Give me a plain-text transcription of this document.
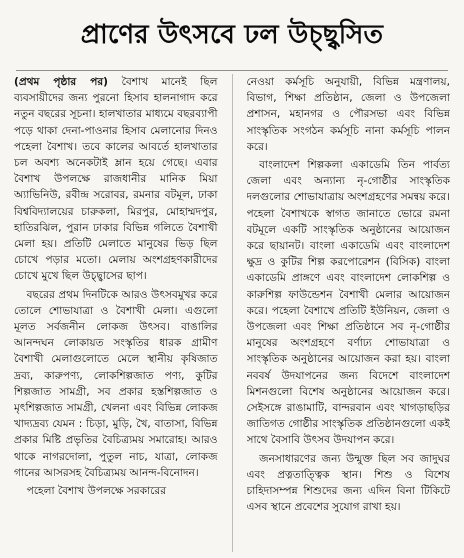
প্রাণের উৎসবে ঢল উচ্ছ্বসিত

(প্রথম পৃষ্ঠার পর) বৈশাখ মানেই ছিল ব্যবসায়ীদের জন্য পুরনো হিসাব হালনাগাদ করে নতুন বছরের সূচনা। হালখাতার মাধ্যমে বছরব্যাপী পড়ে থাকা দেনা-পাওনার হিসাব মেলানোর দিনও পহেলা বৈশাখ। তবে কালের আবর্তে হালখাতার চল অবশ্য অনেকটাই ম্লান হয়ে গেছে। এবার বৈশাখ উপলক্ষে রাজধানীর মানিক মিয়া অ্যাভিনিউ, রবীন্দ্র সরোবর, রমনার বটমূল, ঢাকা বিশ্ববিদ্যালয়ের চারুকলা, মিরপুর, মোহাম্মদপুর, হাতিরঝিল, পুরান ঢাকার বিভিন্ন গলিতে বৈশাখী মেলা হয়। প্রতিটি মেলাতে মানুষের ভিড় ছিল চোখে পড়ার মতো। মেলায় অংশগ্রহণকারীদের চোখে মুখে ছিল উচ্ছ্বাসের ছাপ।

বছরের প্রথম দিনটিকে আরও উৎসবমুখর করে তোলে শোভাযাত্রা ও বৈশাখী মেলা। এগুলো মূলত সর্বজনীন লোকজ উৎসব। বাঙালির আনন্দঘন লোকায়ত সংস্কৃতির ধারক গ্রামীণ বৈশাখী মেলাগুলোতে মেলে স্থানীয় কৃষিজাত দ্রব্য, কারুপণ্য, লোকশিল্পজাত পণ্য, কুটির শিল্পজাত সামগ্রী, সব প্রকার হস্তশিল্পজাত ও মৃৎশিল্পজাত সামগ্রী, খেলনা এবং বিভিন্ন লোকজ খাদ্যদ্রব্য যেমন : চিড়া, মুড়ি, খৈ, বাতাসা, বিভিন্ন প্রকার মিষ্টি প্রভৃতির বৈচিত্র্যময় সমারোহ। আরও থাকে নাগরদোলা, পুতুল নাচ, যাত্রা, লোকজ গানের আসরসহ বৈচিত্র্যময় আনন্দ-বিনোদন।

পহেলা বৈশাখ উপলক্ষে সরকারের

নেওয়া কর্মসূচি অনুযায়ী, বিভিন্ন মন্ত্রণালয়, বিভাগ, শিক্ষা প্রতিষ্ঠান, জেলা ও উপজেলা প্রশাসন, মহানগর ও পৌরসভা এবং বিভিন্ন সাংস্কৃতিক সংগঠন কর্মসূচি নানা কর্মসূচি পালন করে।

বাংলাদেশ শিল্পকলা একাডেমি তিন পার্বত্য জেলা এবং অন্যান্য নৃ-গোষ্ঠীর সাংস্কৃতিক দলগুলোর শোভাযাত্রায় অংশগ্রহণের সমন্বয় করে। পহেলা বৈশাখকে স্বাগত জানাতে ভোরে রমনা বটমূলে একটি সাংস্কৃতিক অনুষ্ঠানের আয়োজন করে ছায়ানট। বাংলা একাডেমি এবং বাংলাদেশ ক্ষুদ্র ও কুটির শিল্প করপোরেশন (বিসিক) বাংলা একাডেমি প্রাঙ্গণে এবং বাংলাদেশ লোকশিল্প ও কারুশিল্প ফাউন্ডেশন বৈশাখী মেলার আয়োজন করে। পহেলা বৈশাখে প্রতিটি ইউনিয়ন, জেলা ও উপজেলা এবং শিক্ষা প্রতিষ্ঠানে সব নৃ-গোষ্ঠীর মানুষের অংশগ্রহণে বর্ণাঢ্য শোভাযাত্রা ও সাংস্কৃতিক অনুষ্ঠানের আয়োজন করা হয়। বাংলা নববর্ষ উদযাপনের জন্য বিদেশে বাংলাদেশ মিশনগুলো বিশেষ অনুষ্ঠানের আয়োজন করে। সেইসঙ্গে রাঙামাটি, বান্দরবান এবং খাগড়াছড়ির জাতিগত গোষ্ঠীর সাংস্কৃতিক প্রতিষ্ঠানগুলো একই সাথে বৈসাবি উৎসব উদযাপন করে।

জনসাধারণের জন্য উন্মুক্ত ছিল সব জাদুঘর এবং প্রত্নতাত্ত্বিক স্থান। শিশু ও বিশেষ চাহিদাসম্পন্ন শিশুদের জন্য এদিন বিনা টিকিটে এসব স্থানে প্রবেশের সুযোগ রাখা হয়।
